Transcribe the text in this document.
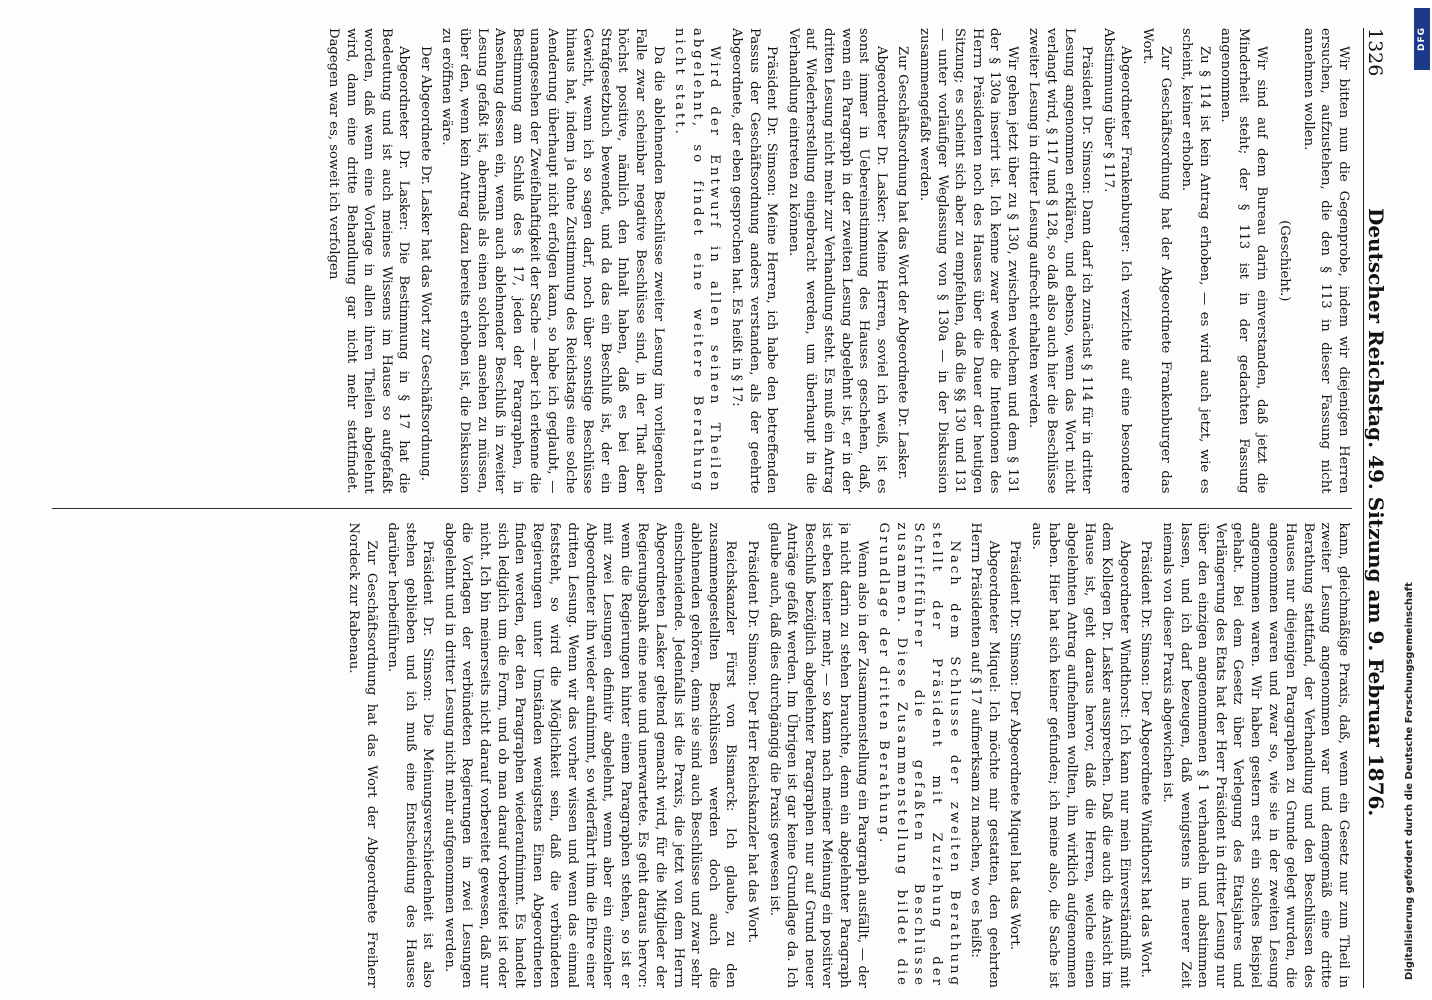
1326
Deutscher Reichstag. 49. Sitzung am 9. Februar 1876.

Wir bitten nun die Gegenprobe, indem wir diejenigen Herren ersuchen, aufzustehen, die den § 113 in dieser Fassung nicht annehmen wollen.

(Geschieht.)

Wir sind auf dem Bureau darin einverstanden, daß jetzt die Minderheit steht; der § 113 ist in der gedachten Fassung angenommen.

Zu § 114 ist kein Antrag erhoben, — es wird auch jetzt, wie es scheint, keiner erhoben.

Zur Geschäftsordnung hat der Abgeordnete Frankenburger das Wort.

Abgeordneter Frankenburger: Ich verzichte auf eine besondere Abstimmung über § 117.

Präsident Dr. Simson: Dann darf ich zunächst § 114 für in dritter Lesung angenommen erklären, und ebenso, wenn das Wort nicht verlangt wird, § 117 und § 128, so daß also auch hier die Beschlüsse zweiter Lesung in dritter Lesung aufrecht erhalten werden.

Wir gehen jetzt über zu § 130, zwischen welchem und dem § 131 der § 130a inserirt ist. Ich kenne zwar weder die Intentionen des Herrn Präsidenten noch des Hauses über die Dauer der heutigen Sitzung; es scheint sich aber zu empfehlen, daß die §§ 130 und 131 — unter vorläufiger Weglassung von § 130a — in der Diskussion zusammengefaßt werden.

Zur Geschäftsordnung hat das Wort der Abgeordnete Dr. Lasker.

Abgeordneter Dr. Lasker: Meine Herren, soviel ich weiß, ist es sonst immer in Uebereinstimmung des Hauses geschehen, daß, wenn ein Paragraph in der zweiten Lesung abgelehnt ist, er in der dritten Lesung nicht mehr zur Verhandlung steht. Es muß ein Antrag auf Wiederherstellung eingebracht werden, um überhaupt in die Verhandlung eintreten zu können.

Präsident Dr. Simson: Meine Herren, ich habe den betreffenden Passus der Geschäftsordnung anders verstanden, als der geehrte Abgeordnete, der eben gesprochen hat. Es heißt in § 17:

Wird der Entwurf in allen seinen Theilen abgelehnt, so findet eine weitere Berathung nicht statt.

Da die ablehnenden Beschlüsse zweiter Lesung im vorliegenden Falle zwar scheinbar negative Beschlüsse sind, in der That aber höchst positive, nämlich den Inhalt haben, daß es bei dem Strafgesetzbuch bewendet, und da das ein Beschluß ist, der ein Gewicht, wenn ich so sagen darf, noch über sonstige Beschlüsse hinaus hat, indem ja ohne Zustimmung des Reichstags eine solche Aenderung überhaupt nicht erfolgen kann, so habe ich geglaubt, — unangesehen der Zweifelhaftigkeit der Sache — aber ich erkenne die Bestimmung am Schluß des § 17, jeden der Paragraphen, in Ansehung dessen ein, wenn auch ablehnender Beschluß in zweiter Lesung gefaßt ist, abermals als einen solchen ansehen zu müssen, über den, wenn kein Antrag dazu bereits erhoben ist, die Diskussion zu eröffnen wäre.

Der Abgeordnete Dr. Lasker hat das Wort zur Geschäftsordnung.

Abgeordneter Dr. Lasker: Die Bestimmung in § 17 hat die Bedeutung und ist auch meines Wissens im Hause so aufgefaßt worden, daß wenn eine Vorlage in allen ihren Theilen abgelehnt wird, dann eine dritte Behandlung gar nicht mehr stattfindet. Dagegen war es, soweit ich verfolgen

kann, gleichmäßige Praxis, daß, wenn ein Gesetz nur zum Theil in zweiter Lesung angenommen war und demgemäß eine dritte Berathung stattfand, der Verhandlung und den Beschlüssen des Hauses nur diejenigen Paragraphen zu Grunde gelegt wurden, die angenommen waren und zwar so, wie sie in der zweiten Lesung angenommen waren. Wir haben gestern erst ein solches Beispiel gehabt. Bei dem Gesetz über Verlegung des Etatsjahres und Verlängerung des Etats hat der Herr Präsident in dritter Lesung nur über den einzigen angenommenen § 1 verhandeln und abstimmen lassen, und ich darf bezeugen, daß wenigstens in neuerer Zeit niemals von dieser Praxis abgewichen ist.

Präsident Dr. Simson: Der Abgeordnete Windthorst hat das Wort.

Abgeordneter Windthorst: Ich kann nur mein Einverständniß mit dem Kollegen Dr. Lasker aussprechen. Daß die auch die Ansicht im Hause ist, geht daraus hervor, daß die Herren, welche einen abgelehnten Antrag aufnehmen wollten, ihn wirklich aufgenommen haben. Hier hat sich keiner gefunden; ich meine also, die Sache ist aus.

Präsident Dr. Simson: Der Abgeordnete Miquel hat das Wort.

Abgeordneter Miquel: Ich möchte mir gestatten, den geehrten Herrn Präsidenten auf § 17 aufmerksam zu machen, wo es heißt:

Nach dem Schlusse der zweiten Berathung stellt der Präsident mit Zuziehung der Schriftführer die gefaßten Beschlüsse zusammen. Diese Zusammenstellung bildet die Grundlage der dritten Berathung.

Wenn also in der Zusammenstellung ein Paragraph ausfällt, — der ja nicht darin zu stehen brauchte, denn ein abgelehnter Paragraph ist eben keiner mehr, — so kann nach meiner Meinung ein positiver Beschluß bezüglich abgelehnter Paragraphen nur auf Grund neuer Anträge gefaßt werden. Im Übrigen ist gar keine Grundlage da. Ich glaube auch, daß dies durchgängig die Praxis gewesen ist.

Präsident Dr. Simson: Der Herr Reichskanzler hat das Wort.

Reichskanzler Fürst von Bismarck: Ich glaube, zu den zusammengestellten Beschlüssen werden doch auch die ablehnenden gehören, denn sie sind auch Beschlüsse und zwar sehr einschneidende. Jedenfalls ist die Praxis, die jetzt von dem Herrn Abgeordneten Lasker geltend gemacht wird, für die Mitglieder der Regierungsbank eine neue und unerwartete. Es geht daraus hervor: wenn die Regierungen hinter einem Paragraphen stehen, so ist er mit zwei Lesungen definitiv abgelehnt, wenn aber ein einzelner Abgeordneter ihn wieder aufnimmt, so widerfährt ihm die Ehre einer dritten Lesung. Wenn wir das vorher wissen und wenn das einmal feststeht, so wird die Möglichkeit sein, daß die verbündeten Regierungen unter Umständen wenigstens Einen Abgeordneten finden werden, der den Paragraphen wiederaufnimmt. Es handelt sich lediglich um die Form, und ob man darauf vorbereitet ist oder nicht. Ich bin meinerseits nicht darauf vorbereitet gewesen, daß nur die Vorlagen der verbündeten Regierungen in zwei Lesungen abgelehnt und in dritter Lesung nicht mehr aufgenommen werden.

Präsident Dr. Simson: Die Meinungsverschiedenheit ist also stehen geblieben und ich muß eine Entscheidung des Hauses darüber herbeiführen.

Zur Geschäftsordnung hat das Wort der Abgeordnete Freiherr Nordeck zur Rabenau.

DFG
Digitalisierung gefördert durch die Deutsche Forschungsgemeinschaft
